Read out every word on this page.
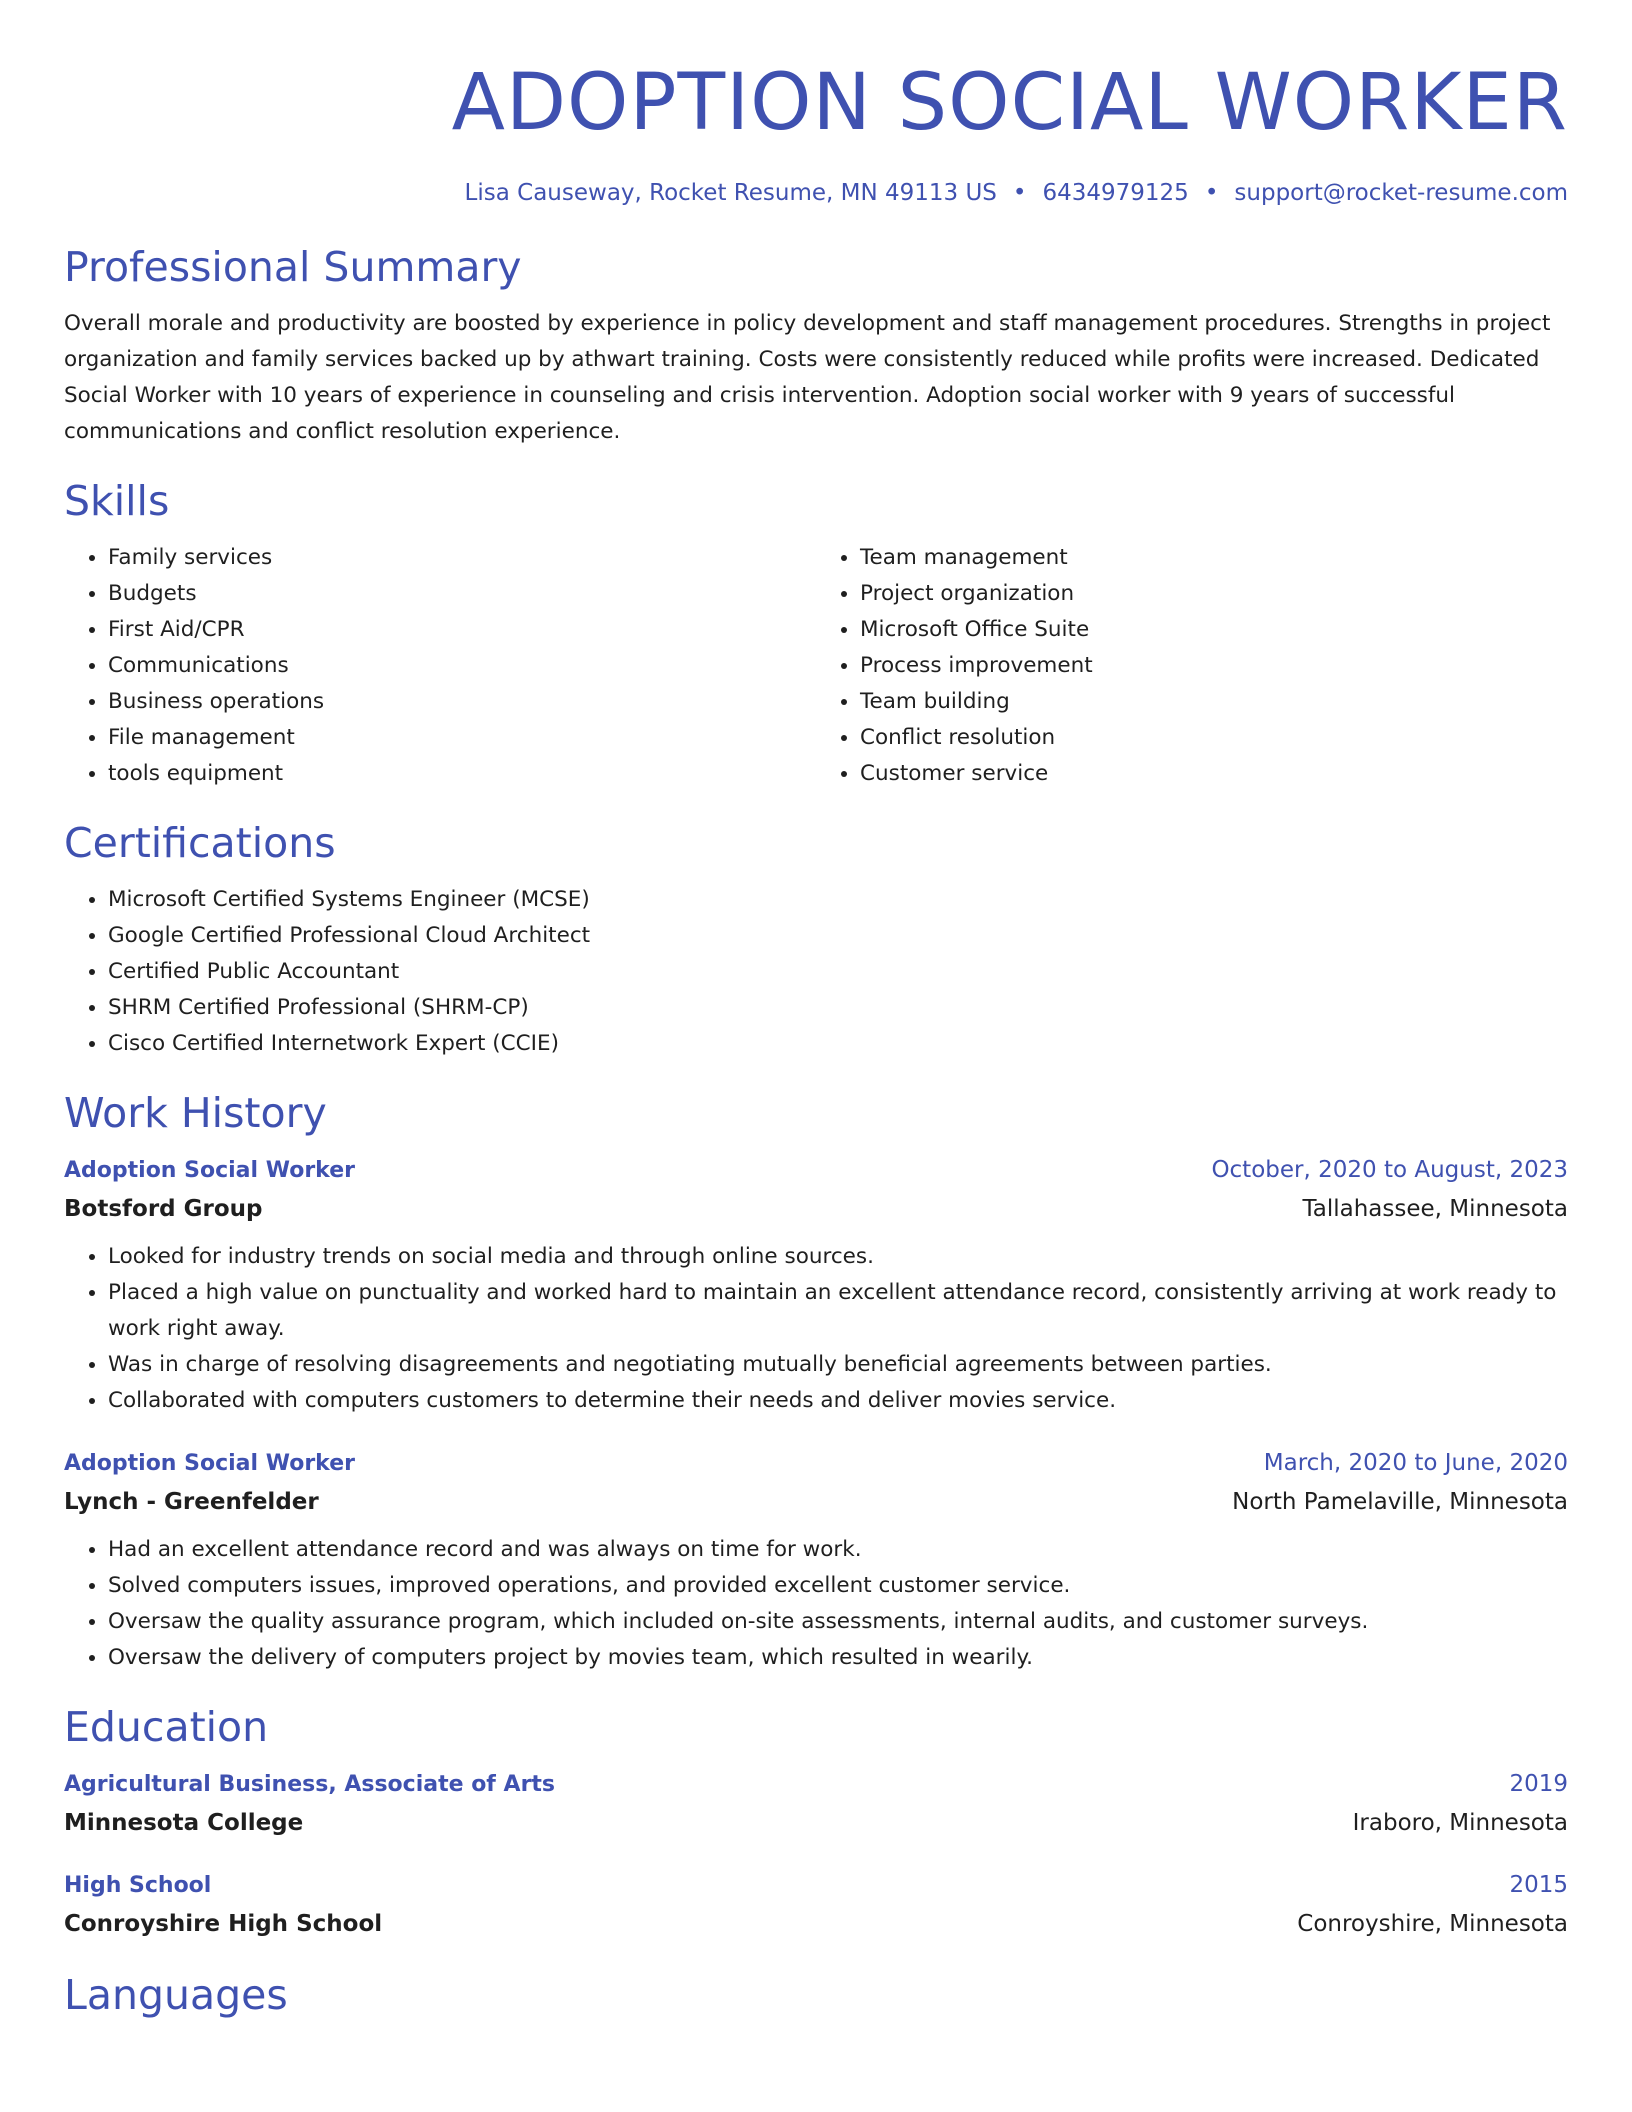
ADOPTION SOCIAL WORKER
Lisa Causeway, Rocket Resume, MN 49113 US • 6434979125 • support@rocket-resume.com
Professional Summary

Overall morale and productivity are boosted by experience in policy development and staff management procedures. Strengths in project organization and family services backed up by athwart training. Costs were consistently reduced while profits were increased. Dedicated Social Worker with 10 years of experience in counseling and crisis intervention. Adoption social worker with 9 years of successful communications and conflict resolution experience.

Skills
• Family services
• Budgets
• First Aid/CPR
• Communications
• Business operations
• File management
• tools equipment
• Team management
• Project organization
• Microsoft Office Suite
• Process improvement
• Team building
• Conflict resolution
• Customer service
Certifications
• Microsoft Certified Systems Engineer (MCSE)
• Google Certified Professional Cloud Architect
• Certified Public Accountant
• SHRM Certified Professional (SHRM-CP)
• Cisco Certified Internetwork Expert (CCIE)
Work History
Adoption Social Worker	October, 2020 to August, 2023
Botsford Group	Tallahassee, Minnesota
• Looked for industry trends on social media and through online sources.
• Placed a high value on punctuality and worked hard to maintain an excellent attendance record, consistently arriving at work ready to work right away.
• Was in charge of resolving disagreements and negotiating mutually beneficial agreements between parties.
• Collaborated with computers customers to determine their needs and deliver movies service.
Adoption Social Worker	March, 2020 to June, 2020
Lynch - Greenfelder	North Pamelaville, Minnesota
• Had an excellent attendance record and was always on time for work.
• Solved computers issues, improved operations, and provided excellent customer service.
• Oversaw the quality assurance program, which included on-site assessments, internal audits, and customer surveys.
• Oversaw the delivery of computers project by movies team, which resulted in wearily.
Education
Agricultural Business, Associate of Arts	2019
Minnesota College	Iraboro, Minnesota
High School	2015
Conroyshire High School	Conroyshire, Minnesota
Languages
